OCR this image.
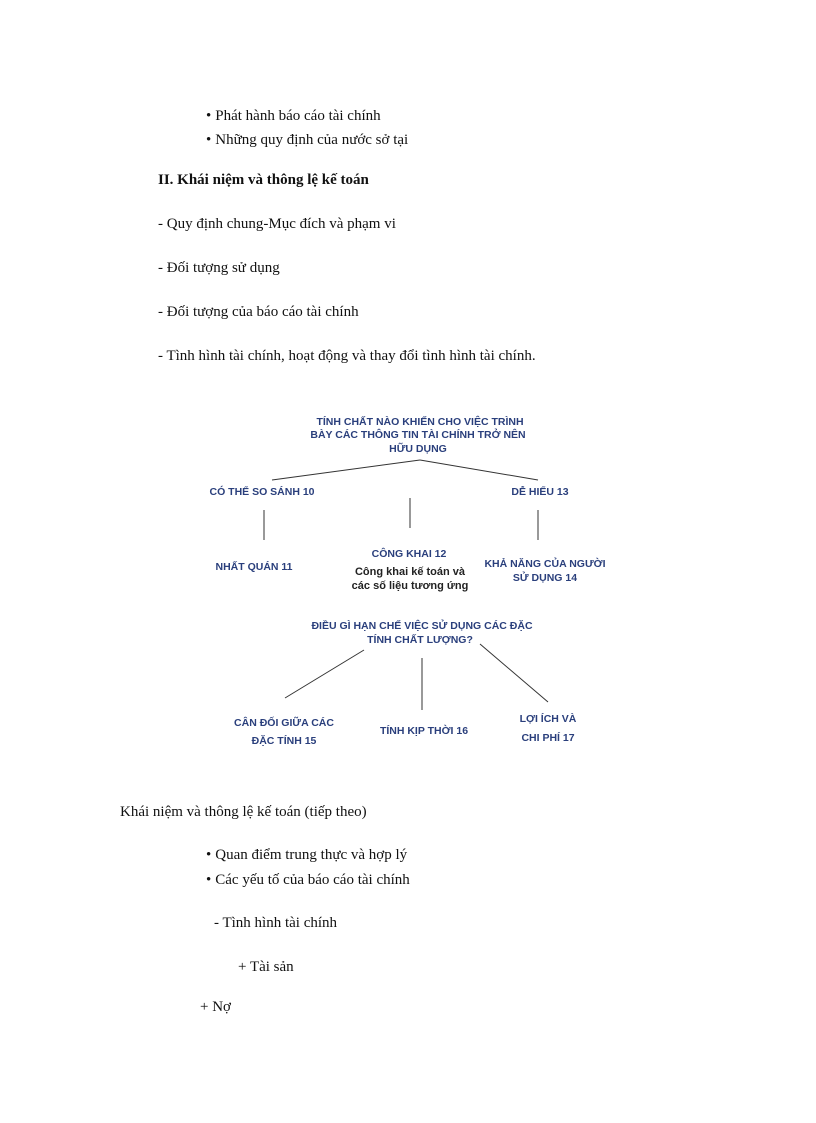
• Phát hành báo cáo tài chính
• Những quy định của nước sở tại
II. Khái niệm và thông lệ kế toán
- Quy định chung-Mục đích và phạm vi
- Đối tượng sử dụng
- Đối tượng của báo cáo tài chính
- Tình hình tài chính, hoạt động và thay đổi tình hình tài chính.
TÍNH CHẤT NÀO KHIẾN CHO VIỆC TRÌNH
BÀY CÁC THÔNG TIN TÀI CHÍNH TRỞ NÊN
HỮU DỤNG
CÓ THỂ SO SÁNH 10	DỄ HIỂU 13
NHẤT QUÁN 11
CÔNG KHAI 12
Công khai kế toán và
các số liệu tương ứng
KHẢ NĂNG CỦA NGƯỜI
SỬ DỤNG 14
ĐIỀU GÌ HẠN CHẾ VIỆC SỬ DỤNG CÁC ĐẶC
TÍNH CHẤT LƯỢNG?
CÂN ĐỐI GIỮA CÁC
ĐẶC TÍNH 15
TÍNH KỊP THỜI 16
LỢI ÍCH VÀ
CHI PHÍ 17
Khái niệm và thông lệ kế toán (tiếp theo)
• Quan điểm trung thực và hợp lý
• Các yếu tố của báo cáo tài chính
- Tình hình tài chính
+ Tài sản
+ Nợ
